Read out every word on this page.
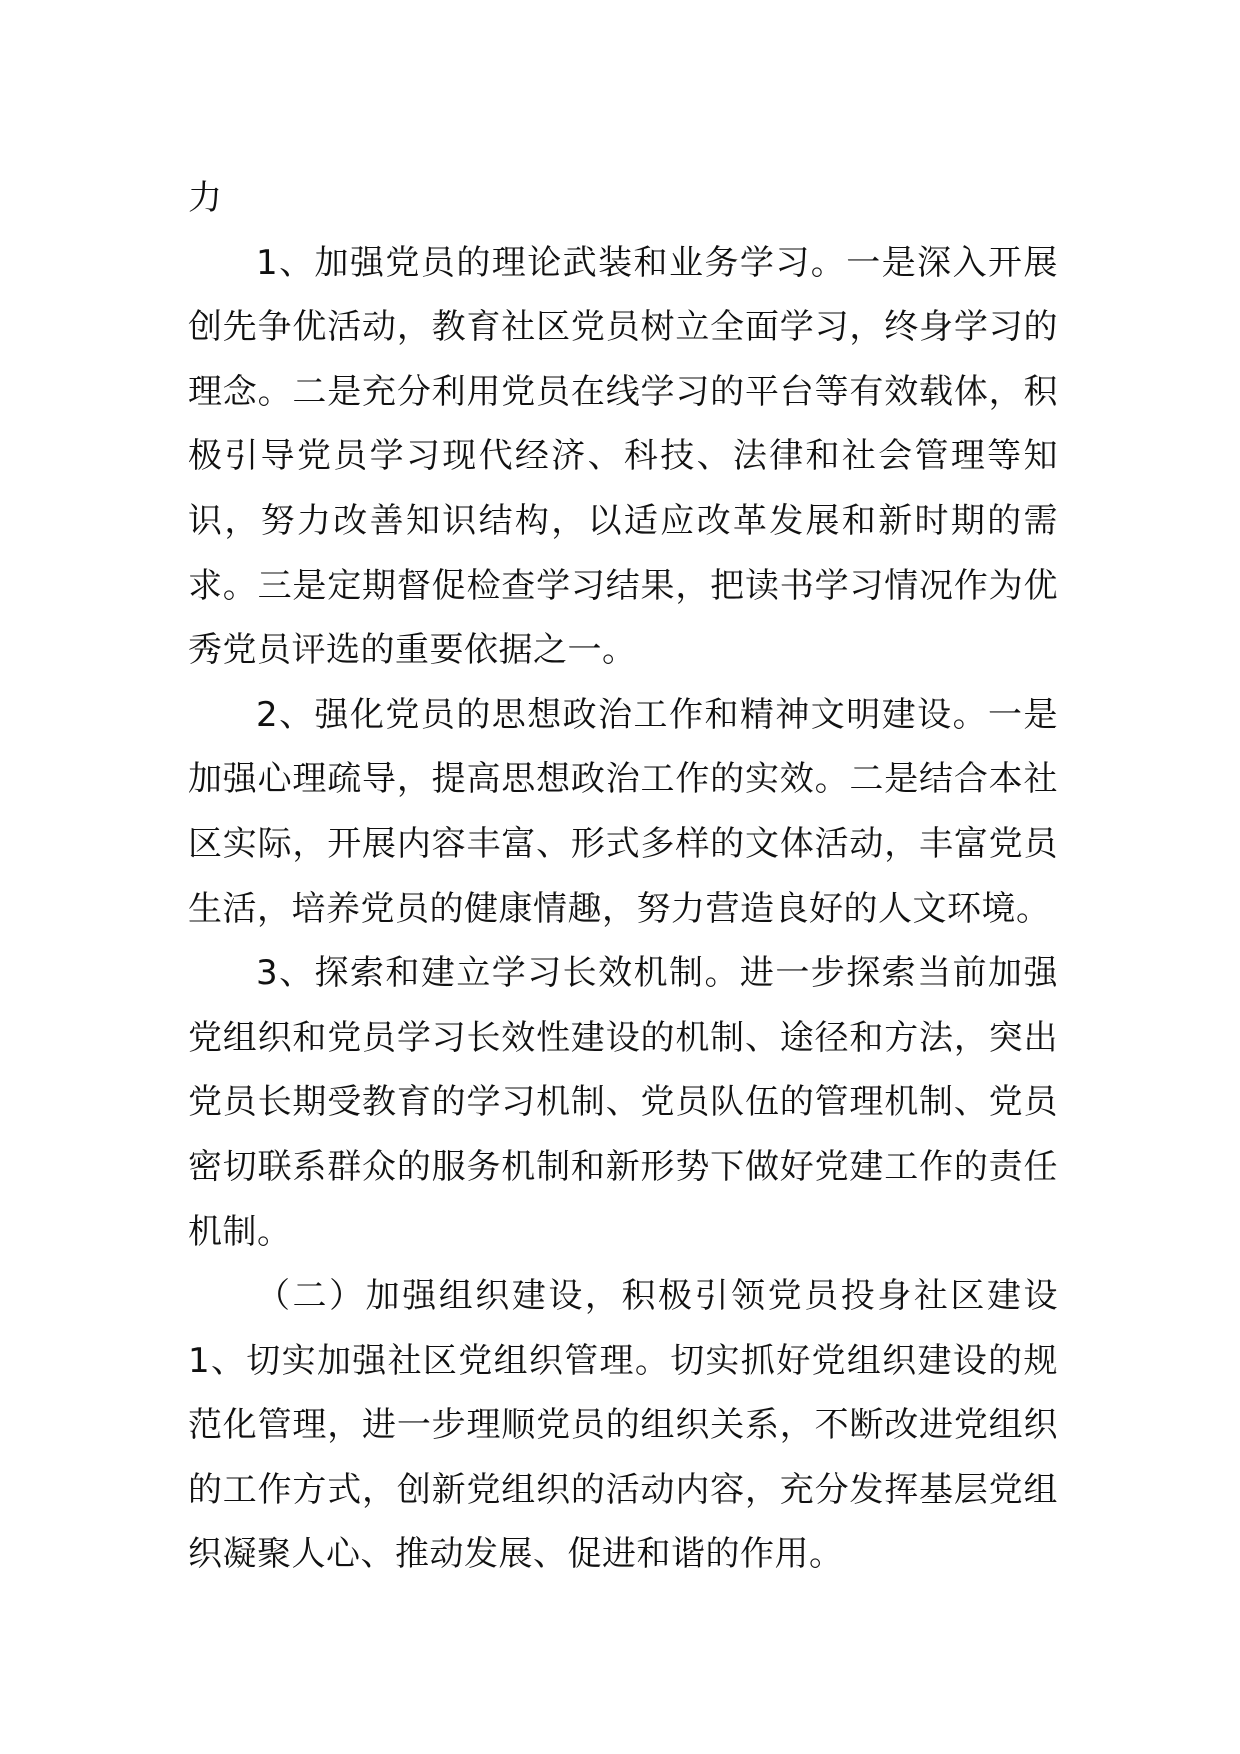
力

1、加强党员的理论武装和业务学习。一是深入开展创先争优活动，教育社区党员树立全面学习，终身学习的理念。二是充分利用党员在线学习的平台等有效载体，积极引导党员学习现代经济、科技、法律和社会管理等知识，努力改善知识结构，以适应改革发展和新时期的需求。三是定期督促检查学习结果，把读书学习情况作为优秀党员评选的重要依据之一。

2、强化党员的思想政治工作和精神文明建设。一是加强心理疏导，提高思想政治工作的实效。二是结合本社区实际，开展内容丰富、形式多样的文体活动，丰富党员生活，培养党员的健康情趣，努力营造良好的人文环境。

3、探索和建立学习长效机制。进一步探索当前加强党组织和党员学习长效性建设的机制、途径和方法，突出党员长期受教育的学习机制、党员队伍的管理机制、党员密切联系群众的服务机制和新形势下做好党建工作的责任机制。

（二）加强组织建设，积极引领党员投身社区建设 1、切实加强社区党组织管理。切实抓好党组织建设的规范化管理，进一步理顺党员的组织关系，不断改进党组织的工作方式，创新党组织的活动内容，充分发挥基层党组织凝聚人心、推动发展、促进和谐的作用。
